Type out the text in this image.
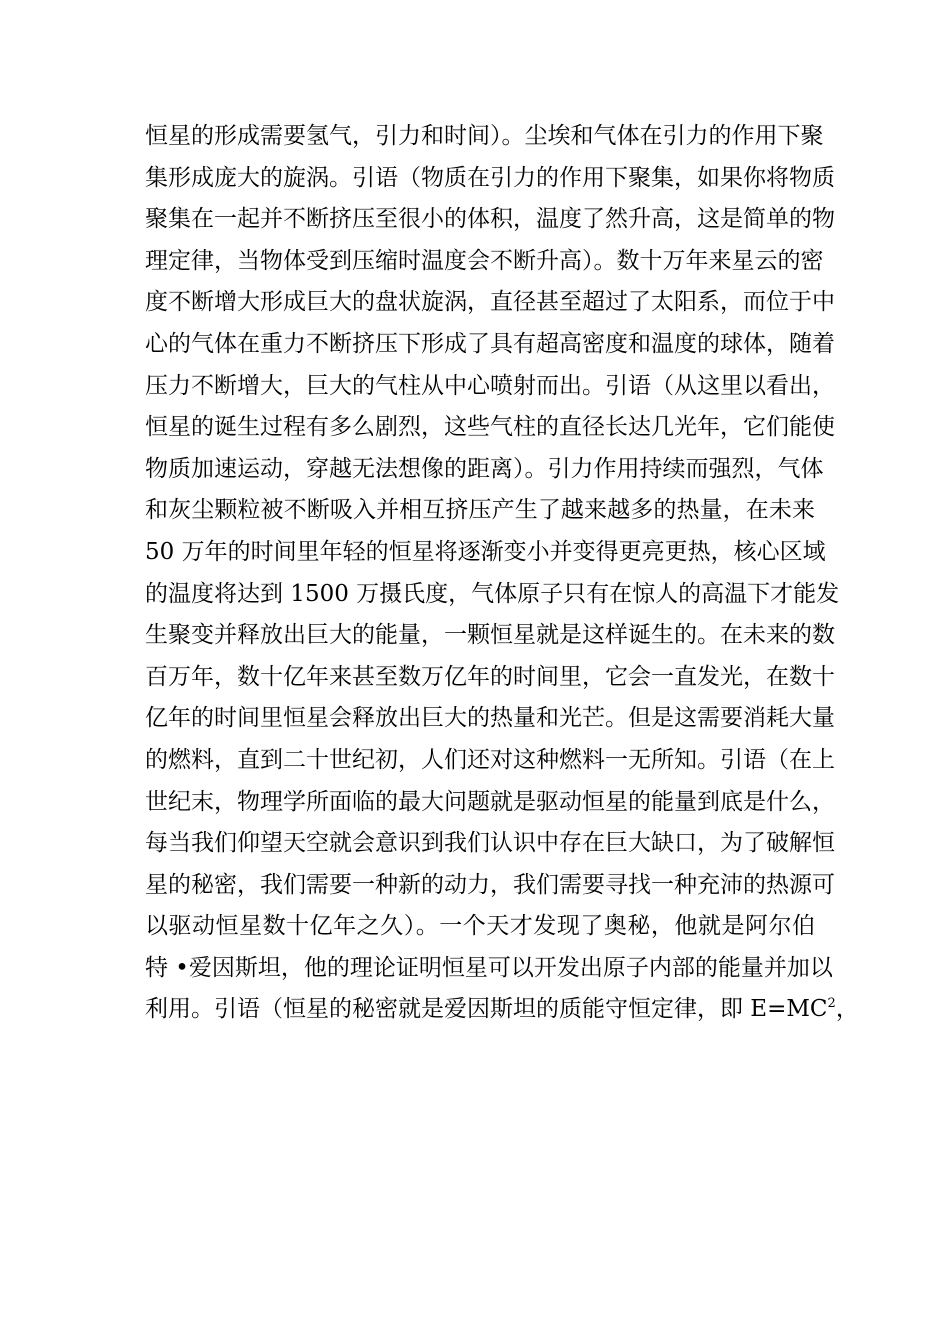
恒星的形成需要氢气，引力和时间）。尘埃和气体在引力的作用下聚
集形成庞大的旋涡。引语（物质在引力的作用下聚集，如果你将物质
聚集在一起并不断挤压至很小的体积，温度了然升高，这是简单的物
理定律，当物体受到压缩时温度会不断升高）。数十万年来星云的密
度不断增大形成巨大的盘状旋涡，直径甚至超过了太阳系，而位于中
心的气体在重力不断挤压下形成了具有超高密度和温度的球体，随着
压力不断增大，巨大的气柱从中心喷射而出。引语（从这里以看出，
恒星的诞生过程有多么剧烈，这些气柱的直径长达几光年，它们能使
物质加速运动，穿越无法想像的距离）。引力作用持续而强烈，气体
和灰尘颗粒被不断吸入并相互挤压产生了越来越多的热量，在未来
50 万年的时间里年轻的恒星将逐渐变小并变得更亮更热，核心区域
的温度将达到 1500 万摄氏度，气体原子只有在惊人的高温下才能发
生聚变并释放出巨大的能量，一颗恒星就是这样诞生的。在未来的数
百万年，数十亿年来甚至数万亿年的时间里，它会一直发光，在数十
亿年的时间里恒星会释放出巨大的热量和光芒。但是这需要消耗大量
的燃料，直到二十世纪初，人们还对这种燃料一无所知。引语（在上
世纪末，物理学所面临的最大问题就是驱动恒星的能量到底是什么，
每当我们仰望天空就会意识到我们认识中存在巨大缺口，为了破解恒
星的秘密，我们需要一种新的动力，我们需要寻找一种充沛的热源可
以驱动恒星数十亿年之久）。一个天才发现了奥秘，他就是阿尔伯
特 •爱因斯坦，他的理论证明恒星可以开发出原子内部的能量并加以
利用。引语（恒星的秘密就是爱因斯坦的质能守恒定律，即 $E=MC^2$，
